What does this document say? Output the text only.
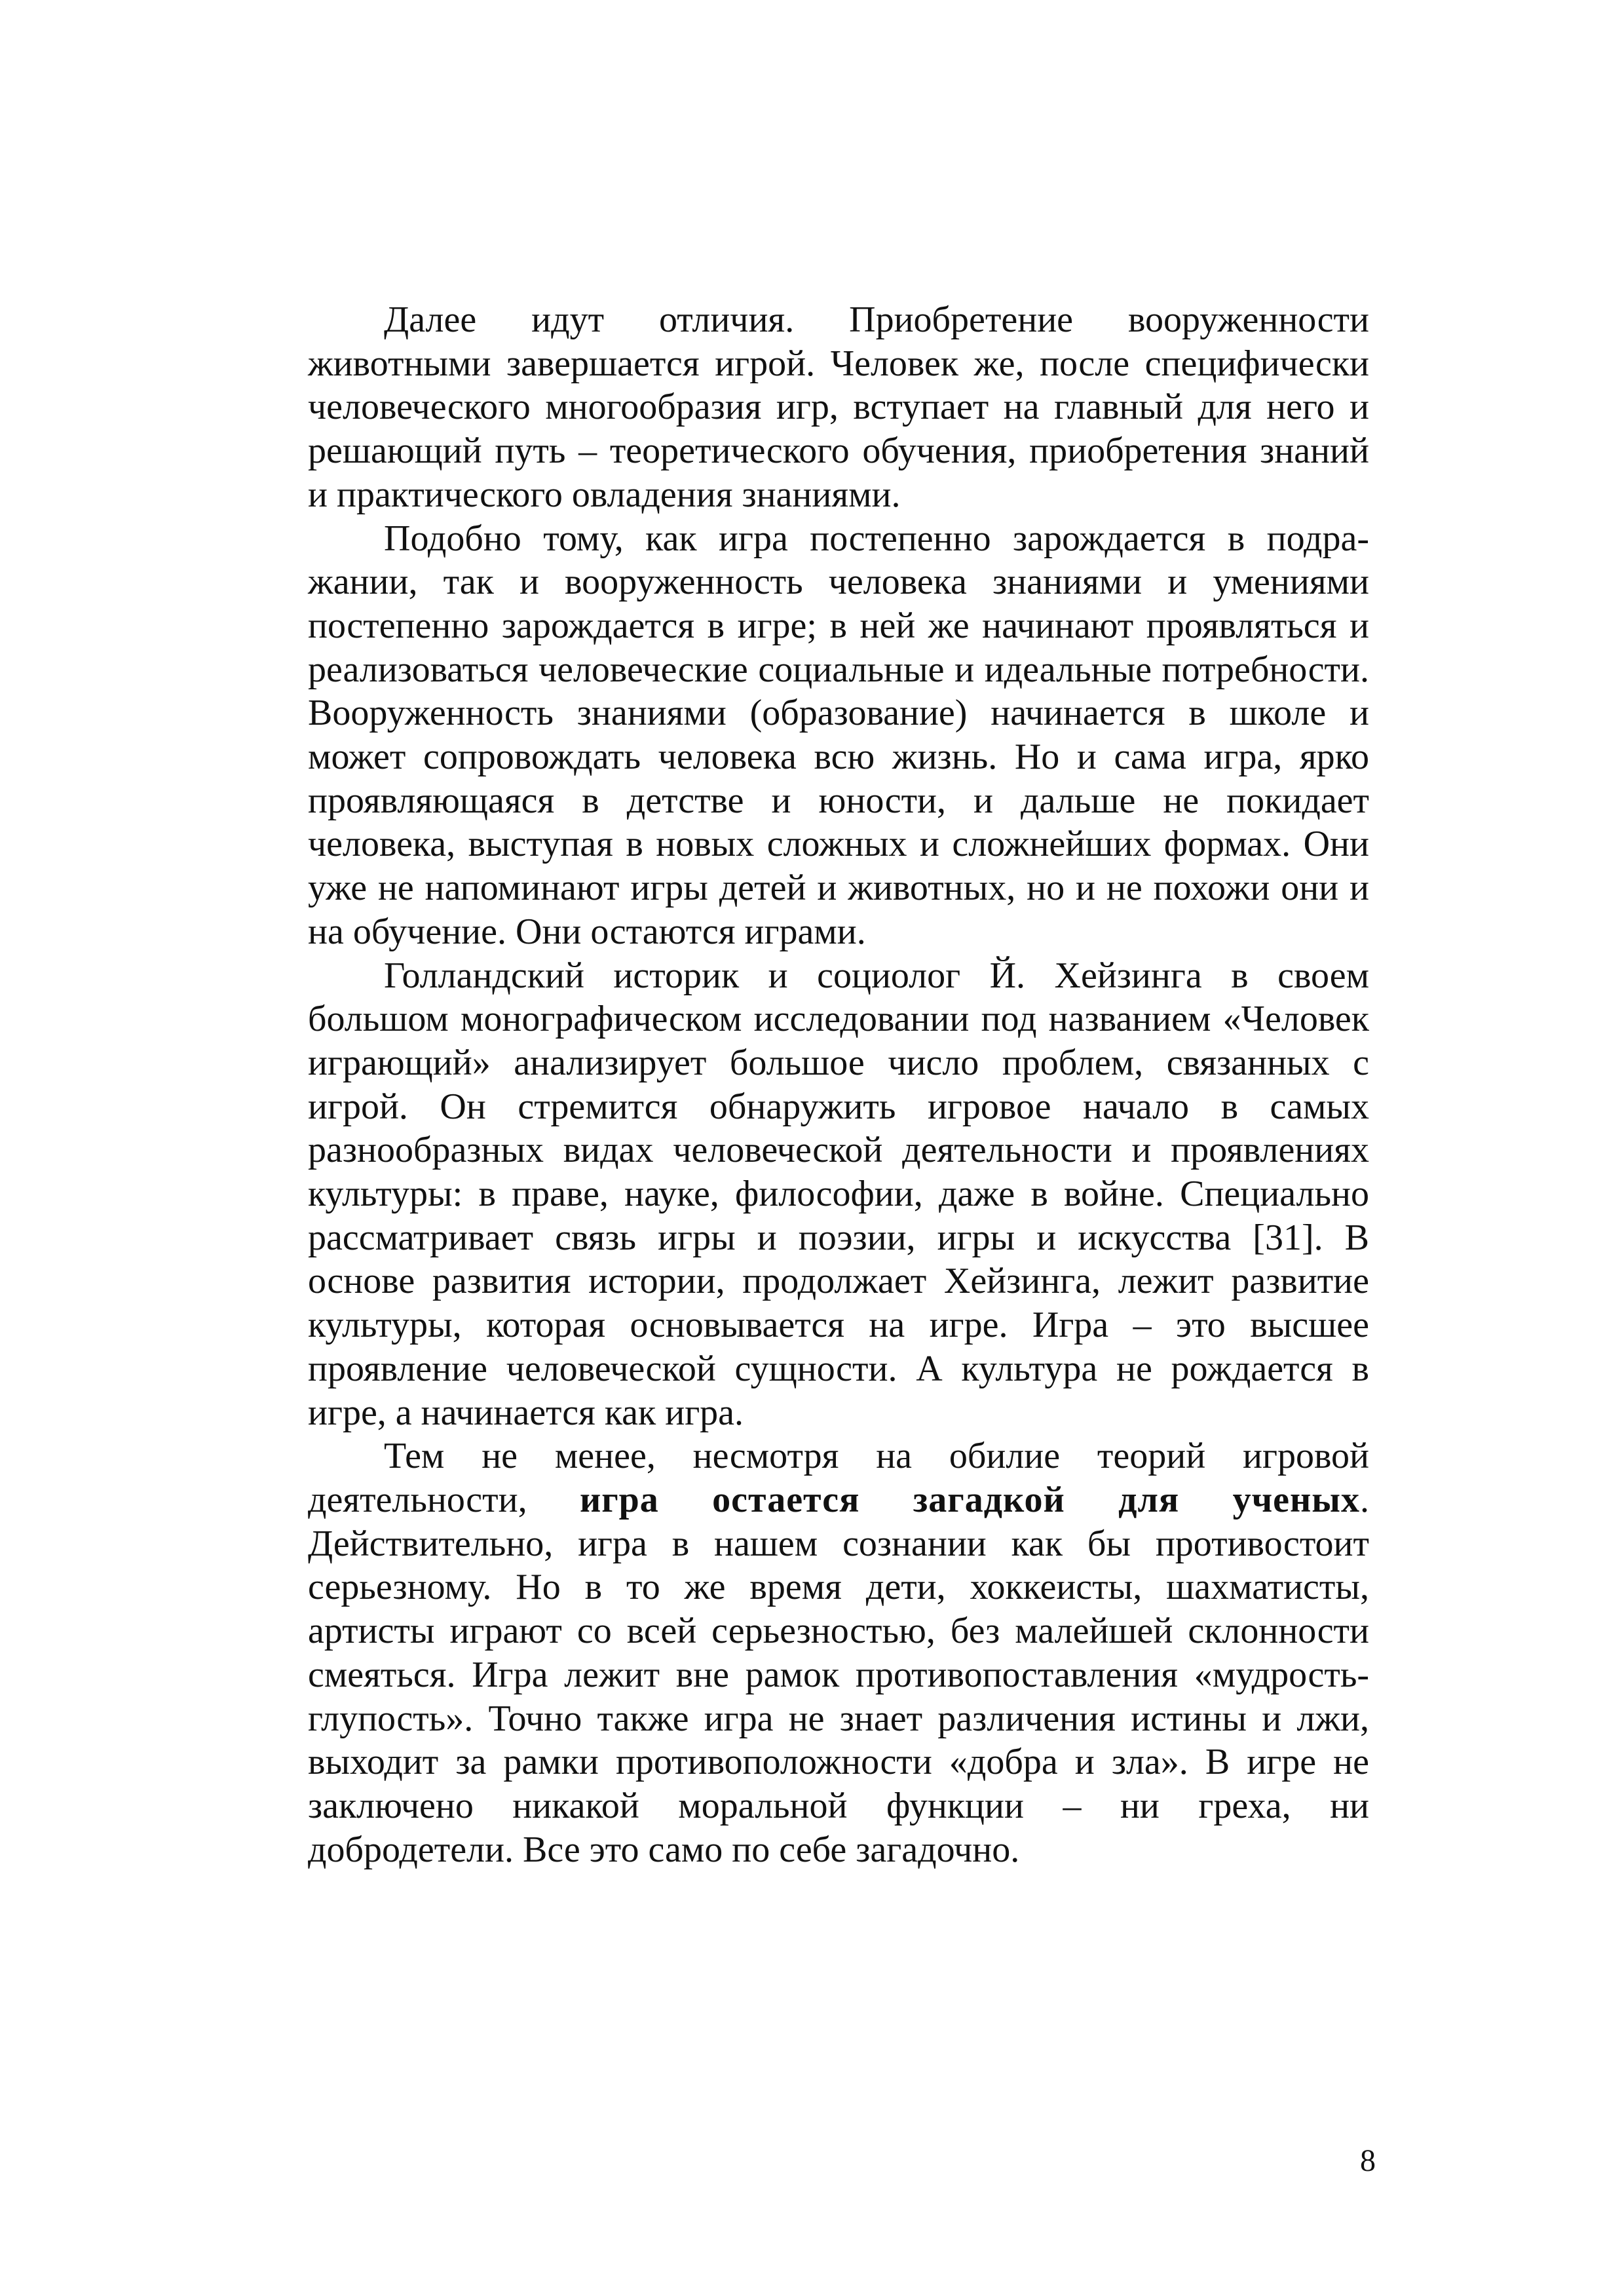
Далее идут отличия. Приобретение вооруженности животными завершается игрой. Человек же, после специфически человеческого многообразия игр, вступает на главный для него и решающий путь – теоретического обучения, приобретения знаний и практического овладения знаниями.

Подобно тому, как игра постепенно зарождается в подражании, так и вооруженность человека знаниями и умениями постепенно зарождается в игре; в ней же начинают проявляться и реализоваться человеческие социальные и идеальные потребности. Вооруженность знаниями (образование) начинается в школе и может сопровождать человека всю жизнь. Но и сама игра, ярко проявляющаяся в детстве и юности, и дальше не покидает человека, выступая в новых сложных и сложнейших формах. Они уже не напоминают игры детей и животных, но и не похожи они и на обучение. Они остаются играми.

Голландский историк и социолог Й. Хейзинга в своем большом монографическом исследовании под названием «Человек играющий» анализирует большое число проблем, связанных с игрой. Он стремится обнаружить игровое начало в самых разнообразных видах человеческой деятельности и проявлениях культуры: в праве, науке, философии, даже в войне. Специально рассматривает связь игры и поэзии, игры и искусства [31]. В основе развития истории, продолжает Хейзинга, лежит развитие культуры, которая основывается на игре. Игра – это высшее проявление человеческой сущности. А культура не рождается в игре, а начинается как игра.

Тем не менее, несмотря на обилие теорий игровой деятельности, игра остается загадкой для ученых. Действительно, игра в нашем сознании как бы противостоит серьезному. Но в то же время дети, хоккеисты, шахматисты, артисты играют со всей серьезностью, без малейшей склонности смеяться. Игра лежит вне рамок противопоставления «мудрость-глупость». Точно также игра не знает различения истины и лжи, выходит за рамки противоположности «добра и зла». В игре не заключено никакой моральной функции – ни греха, ни добродетели. Все это само по себе загадочно.

8
